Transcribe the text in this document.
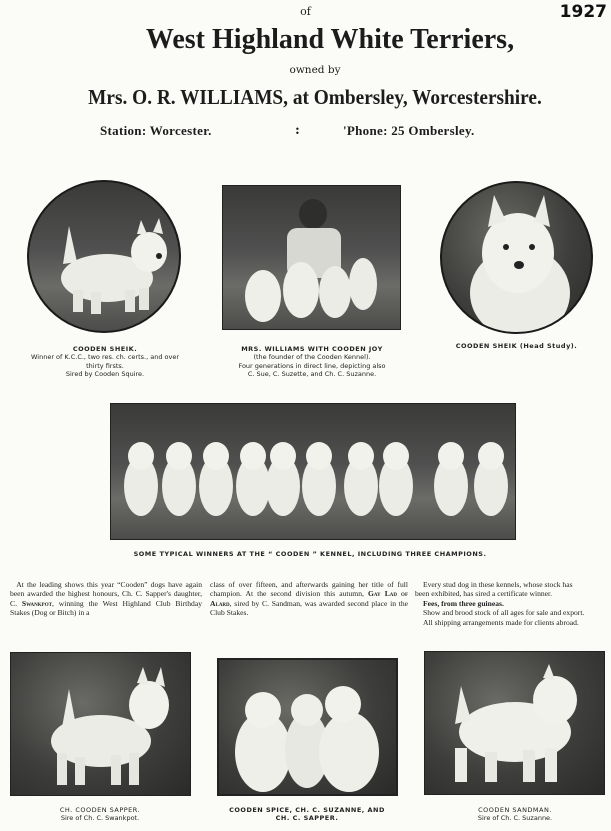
1927
of
West Highland White Terriers,
owned by
Mrs. O. R. WILLIAMS, at Ombersley, Worcestershire.
Station: Worcester.	:	'Phone: 25 Ombersley.
COODEN SHEIK.
Winner of K.C.C., two res. ch. certs., and over
thirty firsts.
Sired by Cooden Squire.
MRS. WILLIAMS WITH COODEN JOY
(the founder of the Cooden Kennel).
Four generations in direct line, depicting also
C. Sue, C. Suzette, and Ch. C. Suzanne.
COODEN SHEIK (Head Study).
SOME TYPICAL WINNERS AT THE “ COODEN ” KENNEL, INCLUDING THREE CHAMPIONS.
At the leading shows this year “Cooden” dogs have again been awarded the highest honours, Ch. C. Sapper's daughter, C. Swankpot, winning the West Highland Club Birthday Stakes (Dog or Bitch) in a
class of over fifteen, and afterwards gaining her title of full champion. At the second division this autumn, Gay Lad of Alard, sired by C. Sandman, was awarded second place in the Club Stakes.
Every stud dog in these kennels, whose stock has
been exhibited, has sired a certificate winner.
Fees, from three guineas.
Show and brood stock of all ages for sale and export.
All shipping arrangements made for clients abroad.
CH. COODEN SAPPER.
Sire of Ch. C. Swankpot.
COODEN SPICE, CH. C. SUZANNE, AND
CH. C. SAPPER.
COODEN SANDMAN.
Sire of Ch. C. Suzanne.
